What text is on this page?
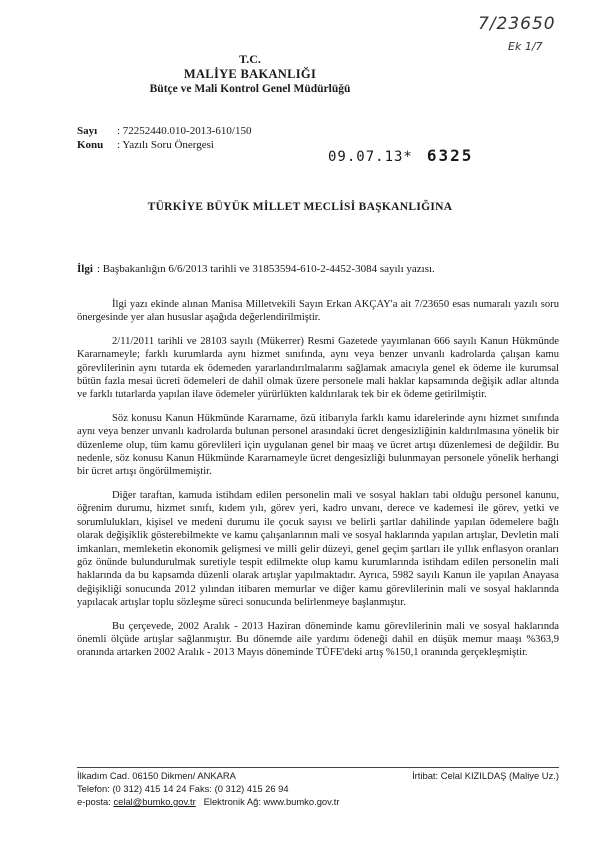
7/23650
Ek 1/7
T.C.
MALİYE BAKANLIĞI
Bütçe ve Mali Kontrol Genel Müdürlüğü
Sayı : 72252440.010-2013-610/150
Konu : Yazılı Soru Önergesi
09.07.13* 6325
TÜRKİYE BÜYÜK MİLLET MECLİSİ BAŞKANLIĞINA
İlgi : Başbakanlığın 6/6/2013 tarihli ve 31853594-610-2-4452-3084 sayılı yazısı.

İlgi yazı ekinde alınan Manisa Milletvekili Sayın Erkan AKÇAY'a ait 7/23650 esas numaralı yazılı soru önergesinde yer alan hususlar aşağıda değerlendirilmiştir.

2/11/2011 tarihli ve 28103 sayılı (Mükerrer) Resmi Gazetede yayımlanan 666 sayılı Kanun Hükmünde Kararnameyle; farklı kurumlarda aynı hizmet sınıfında, aynı veya benzer unvanlı kadrolarda çalışan kamu görevlilerinin aynı tutarda ek ödemeden yararlandırılmalarını sağlamak amacıyla genel ek ödeme ile kurumsal bütün fazla mesai ücreti ödemeleri de dahil olmak üzere personele mali haklar kapsamında değişik adlar altında ve farklı tutarlarda yapılan ilave ödemeler yürürlükten kaldırılarak tek bir ek ödeme getirilmiştir.

Söz konusu Kanun Hükmünde Kararname, özü itibarıyla farklı kamu idarelerinde aynı hizmet sınıfında aynı veya benzer unvanlı kadrolarda bulunan personel arasındaki ücret dengesizliğinin kaldırılmasına yönelik bir düzenleme olup, tüm kamu görevlileri için uygulanan genel bir maaş ve ücret artışı düzenlemesi de değildir. Bu nedenle, söz konusu Kanun Hükmünde Kararnameyle ücret dengesizliği bulunmayan personele yönelik herhangi bir ücret artışı öngörülmemiştir.

Diğer taraftan, kamuda istihdam edilen personelin mali ve sosyal hakları tabi olduğu personel kanunu, öğrenim durumu, hizmet sınıfı, kıdem yılı, görev yeri, kadro unvanı, derece ve kademesi ile görev, yetki ve sorumlulukları, kişisel ve medeni durumu ile çocuk sayısı ve belirli şartlar dahilinde yapılan ödemelere bağlı olarak değişiklik gösterebilmekte ve kamu çalışanlarının mali ve sosyal haklarında yapılan artışlar, Devletin mali imkanları, memleketin ekonomik gelişmesi ve milli gelir düzeyi, genel geçim şartları ile yıllık enflasyon oranları göz önünde bulundurulmak suretiyle tespit edilmekte olup kamu kurumlarında istihdam edilen personelin mali haklarında da bu kapsamda düzenli olarak artışlar yapılmaktadır. Ayrıca, 5982 sayılı Kanun ile yapılan Anayasa değişikliği sonucunda 2012 yılından itibaren memurlar ve diğer kamu görevlilerinin mali ve sosyal haklarında yapılacak artışlar toplu sözleşme süreci sonucunda belirlenmeye başlanmıştır.

Bu çerçevede, 2002 Aralık - 2013 Haziran döneminde kamu görevlilerinin mali ve sosyal haklarında önemli ölçüde artışlar sağlanmıştır. Bu dönemde aile yardımı ödeneği dahil en düşük memur maaşı %363,9 oranında artarken 2002 Aralık - 2013 Mayıs döneminde TÜFE'deki artış %150,1 oranında gerçekleşmiştir.

İlkadım Cad. 06150 Dikmen/ ANKARA	İrtibat: Celal KIZILDAŞ (Maliye Uz.)
Telefon: (0 312) 415 14 24 Faks: (0 312) 415 26 94
e-posta: celal@bumko.gov.tr Elektronik Ağ: www.bumko.gov.tr
